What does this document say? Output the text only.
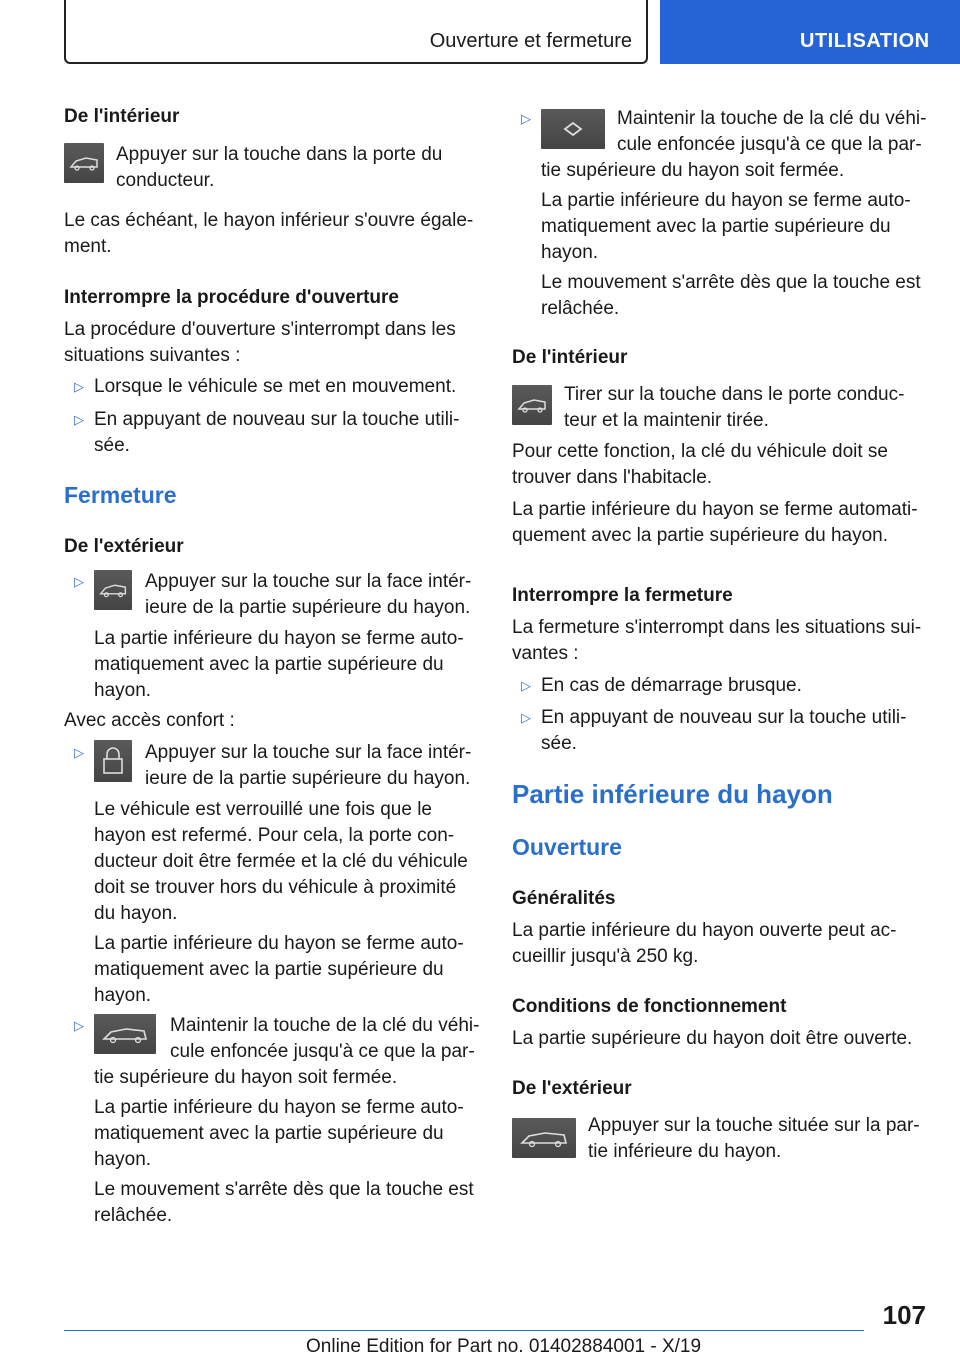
Ouverture et fermeture	UTILISATION
De l'intérieur
Appuyer sur la touche dans la porte du
conducteur.
Le cas échéant, le hayon inférieur s'ouvre égale-
ment.
Interrompre la procédure d'ouverture
La procédure d'ouverture s'interrompt dans les
situations suivantes :
▷ Lorsque le véhicule se met en mouvement.
▷ En appuyant de nouveau sur la touche utili-
sée.
Fermeture
De l'extérieur
▷	Appuyer sur la touche sur la face intér-
ieure de la partie supérieure du hayon.
La partie inférieure du hayon se ferme auto-
matiquement avec la partie supérieure du
hayon.
Avec accès confort :
▷	Appuyer sur la touche sur la face intér-
ieure de la partie supérieure du hayon.
Le véhicule est verrouillé une fois que le
hayon est refermé. Pour cela, la porte con-
ducteur doit être fermée et la clé du véhicule
doit se trouver hors du véhicule à proximité
du hayon.
La partie inférieure du hayon se ferme auto-
matiquement avec la partie supérieure du
hayon.
▷	Maintenir la touche de la clé du véhi-
cule enfoncée jusqu'à ce que la par-
tie supérieure du hayon soit fermée.
La partie inférieure du hayon se ferme auto-
matiquement avec la partie supérieure du
hayon.
Le mouvement s'arrête dès que la touche est
relâchée.
▷	Maintenir la touche de la clé du véhi-
cule enfoncée jusqu'à ce que la par-
tie supérieure du hayon soit fermée.
La partie inférieure du hayon se ferme auto-
matiquement avec la partie supérieure du
hayon.
Le mouvement s'arrête dès que la touche est
relâchée.
De l'intérieur
Tirer sur la touche dans le porte conduc-
teur et la maintenir tirée.
Pour cette fonction, la clé du véhicule doit se
trouver dans l'habitacle.
La partie inférieure du hayon se ferme automati-
quement avec la partie supérieure du hayon.
Interrompre la fermeture
La fermeture s'interrompt dans les situations sui-
vantes :
▷ En cas de démarrage brusque.
▷ En appuyant de nouveau sur la touche utili-
sée.
Partie inférieure du hayon
Ouverture
Généralités
La partie inférieure du hayon ouverte peut ac-
cueillir jusqu'à 250 kg.
Conditions de fonctionnement
La partie supérieure du hayon doit être ouverte.
De l'extérieur
Appuyer sur la touche située sur la par-
tie inférieure du hayon.
107
Online Edition for Part no. 01402884001 - X/19
